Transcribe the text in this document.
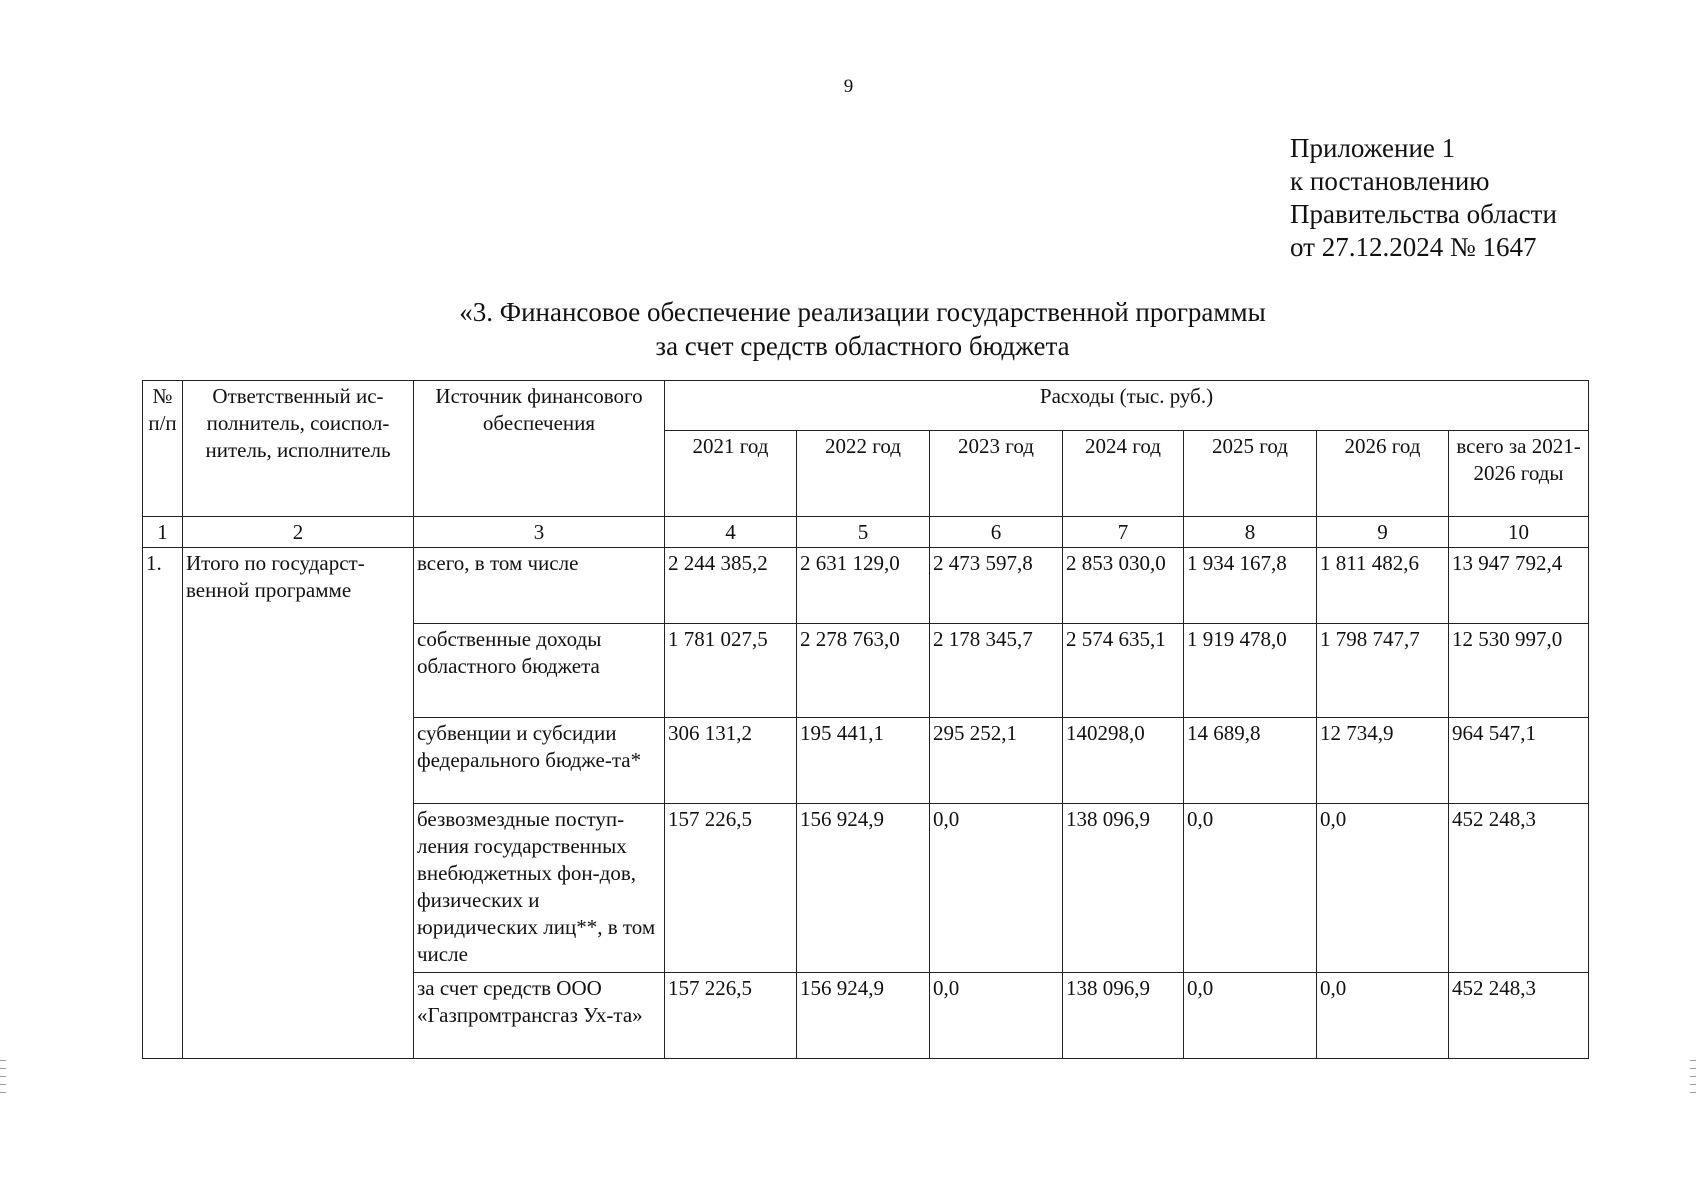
9
Приложение 1
к постановлению
Правительства области
от 27.12.2024 № 1647
«3. Финансовое обеспечение реализации государственной программы
за счет средств областного бюджета
№ п/п	Ответственный ис-полнитель, соиспол-нитель, исполнитель	Источник финансового обеспечения	Расходы (тыс. руб.)						
			2021 год	2022 год	2023 год	2024 год	2025 год	2026 год	всего за 2021-2026 годы
1	2	3	4	5	6	7	8	9	10
1.	Итого по государст-венной программе	всего, в том числе	2 244 385,2	2 631 129,0	2 473 597,8	2 853 030,0	1 934 167,8	1 811 482,6	13 947 792,4
		собственные доходы областного бюджета	1 781 027,5	2 278 763,0	2 178 345,7	2 574 635,1	1 919 478,0	1 798 747,7	12 530 997,0
		субвенции и субсидии федерального бюдже-та*	306 131,2	195 441,1	295 252,1	140298,0	14 689,8	12 734,9	964 547,1
		безвозмездные поступ-ления государственных внебюджетных фон-дов, физических и юридических лиц**, в том числе	157 226,5	156 924,9	0,0	138 096,9	0,0	0,0	452 248,3
		за счет средств ООО «Газпромтрансгаз Ух-та»	157 226,5	156 924,9	0,0	138 096,9	0,0	0,0	452 248,3
